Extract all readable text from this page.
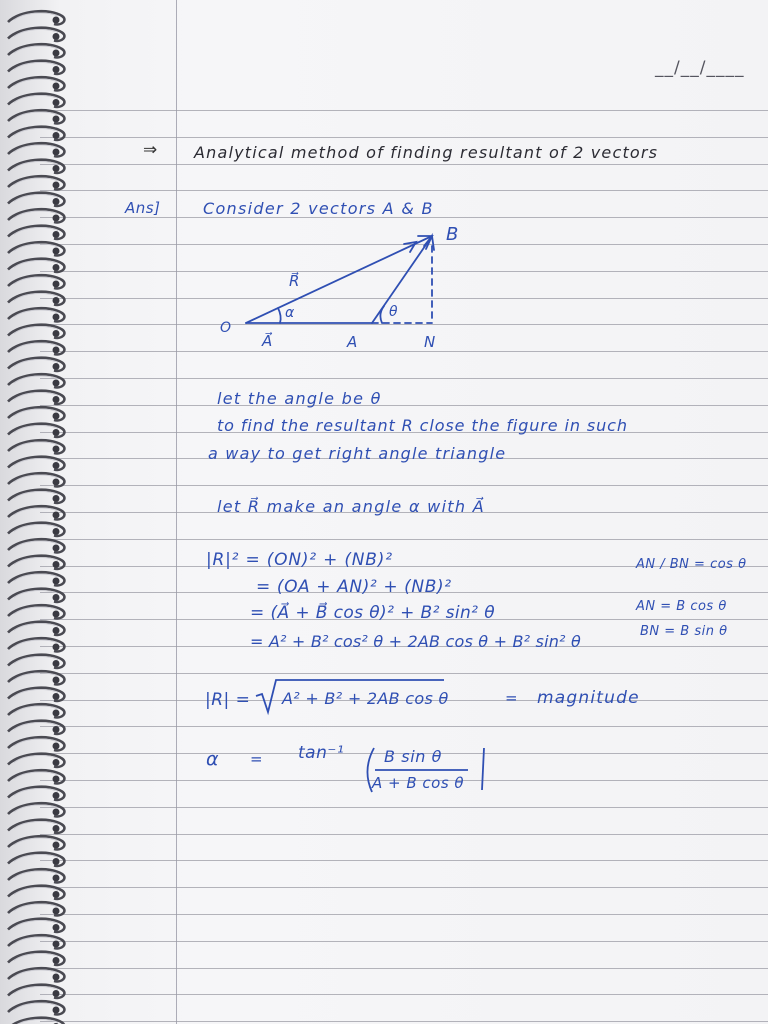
__/__/____
⇒ Analytical method of finding resultant of 2 vectors
Ans]	Consider 2 vectors A & B
O
A
B
N
R⃗
A⃗
α	θ
let the angle be θ
to find the resultant R close the figure in such
a way to get right angle triangle
let R⃗ make an angle α with A⃗
|R|² = (ON)² + (NB)²
= (OA + AN)² + (NB)²
= (A⃗ + B⃗ cos θ)² + B² sin² θ
= A² + B² cos² θ + 2AB cos θ + B² sin² θ
AN / BN = cos θ
AN = B cos θ
BN = B sin θ
|R| = A² + B² + 2AB cos θ	= magnitude
α = tan⁻¹ B sin θ
A + B cos θ
